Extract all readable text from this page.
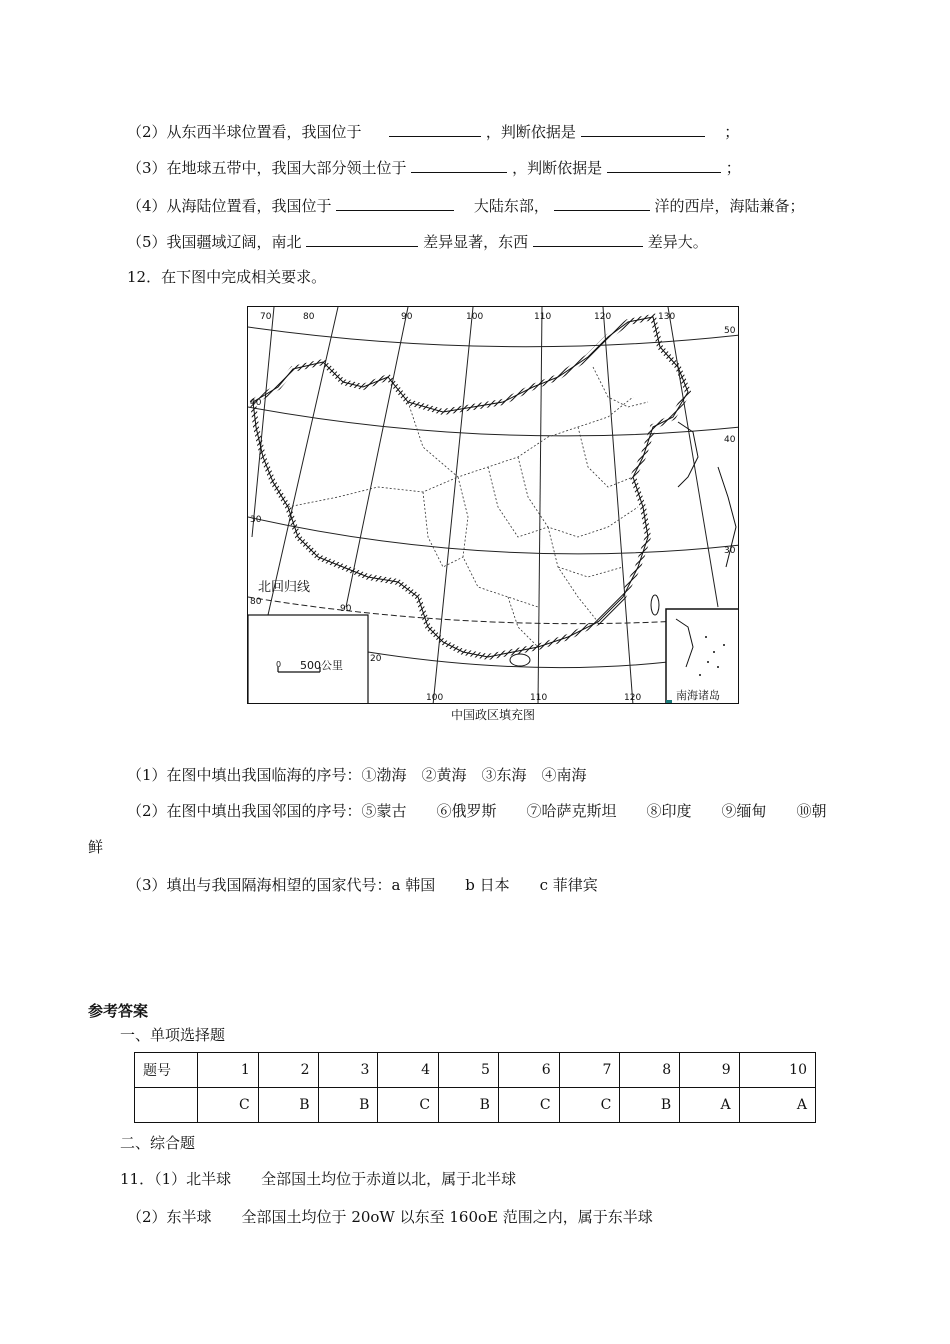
（2）从东西半球位置看，我国位于	，判断依据是	；
（3）在地球五带中，我国大部分领土位于	，判断依据是	；
（4）从海陆位置看，我国位于	大陆东部，	洋的西岸，海陆兼备；
（5）我国疆域辽阔，南北	差异显著，东西	差异大。
12．在下图中完成相关要求。
70	80	90	100	110	120	130
50
40
30
20
40
30
80
90
100	110	120
北回归线
0 500公里
南海诸岛
中国政区填充图
（1）在图中填出我国临海的序号：①渤海　②黄海　③东海　④南海
（2）在图中填出我国邻国的序号：⑤蒙古　　⑥俄罗斯　　⑦哈萨克斯坦　　⑧印度　　⑨缅甸　　⑩朝
鲜
（3）填出与我国隔海相望的国家代号：a 韩国　　b 日本　　c 菲律宾
参考答案
一、单项选择题
题号	1	2	3	4	5	6	7	8	9	10
	C	B	B	C	B	C	C	B	A	A
二、综合题
11．（1）北半球　　全部国土均位于赤道以北，属于北半球
（2）东半球　　全部国土均位于 20oW 以东至 160oE 范围之内，属于东半球
